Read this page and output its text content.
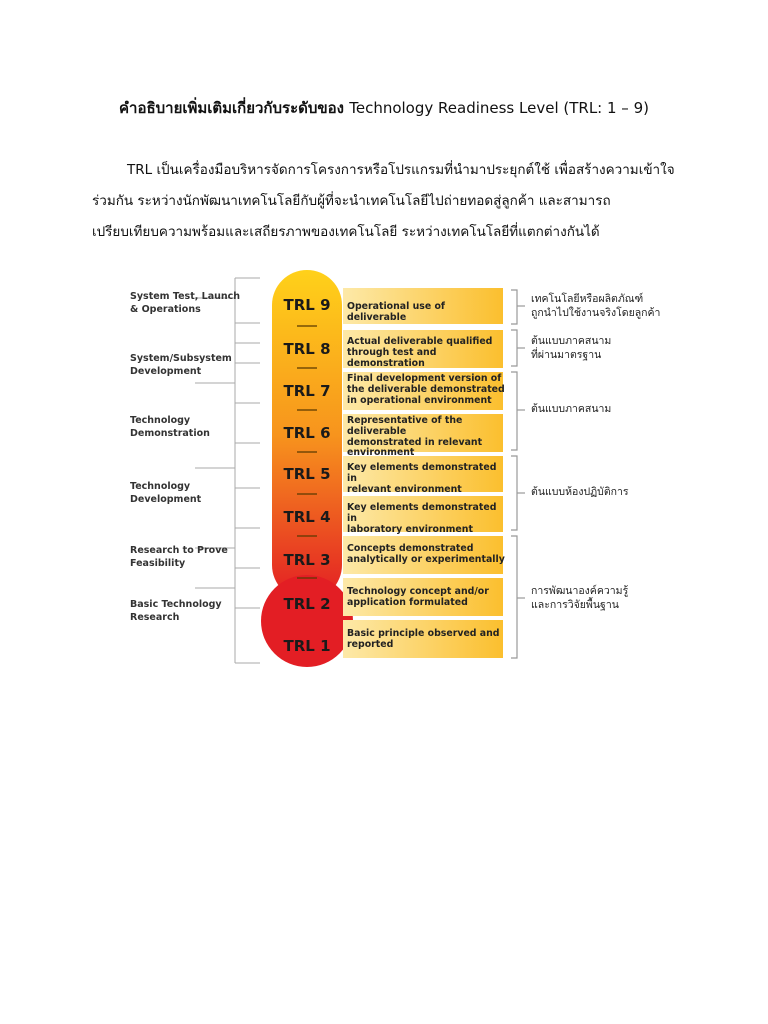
คำอธิบายเพิ่มเติมเกี่ยวกับระดับของ Technology Readiness Level (TRL: 1 – 9)
TRL เป็นเครื่องมือบริหารจัดการโครงการหรือโปรแกรมที่นำมาประยุกต์ใช้ เพื่อสร้างความเข้าใจ
ร่วมกัน ระหว่างนักพัฒนาเทคโนโลยีกับผู้ที่จะนำเทคโนโลยีไปถ่ายทอดสู่ลูกค้า และสามารถ
เปรียบเทียบความพร้อมและเสถียรภาพของเทคโนโลยี ระหว่างเทคโนโลยีที่แตกต่างกันได้
System Test, Launch
& Operations
System/Subsystem
Development
Technology
Demonstration
Technology
Development
Research to Prove
Feasibility
Basic Technology
Research
TRL 9
TRL 8
TRL 7
TRL 6
TRL 5
TRL 4
TRL 3
TRL 2
TRL 1
Operational use of deliverable
Actual deliverable qualified
through test and demonstration
Final development version of
the deliverable demonstrated
in operational environment
Representative of the deliverable
demonstrated in relevant
environment
Key elements demonstrated in
relevant environment
Key elements demonstrated in
laboratory environment
Concepts demonstrated
analytically or experimentally
Technology concept and/or
application formulated
Basic principle observed and
reported
เทคโนโลยีหรือผลิตภัณฑ์
ถูกนำไปใช้งานจริงโดยลูกค้า
ต้นแบบภาคสนาม
ที่ผ่านมาตรฐาน
ต้นแบบภาคสนาม
ต้นแบบห้องปฏิบัติการ
การพัฒนาองค์ความรู้
และการวิจัยพื้นฐาน
